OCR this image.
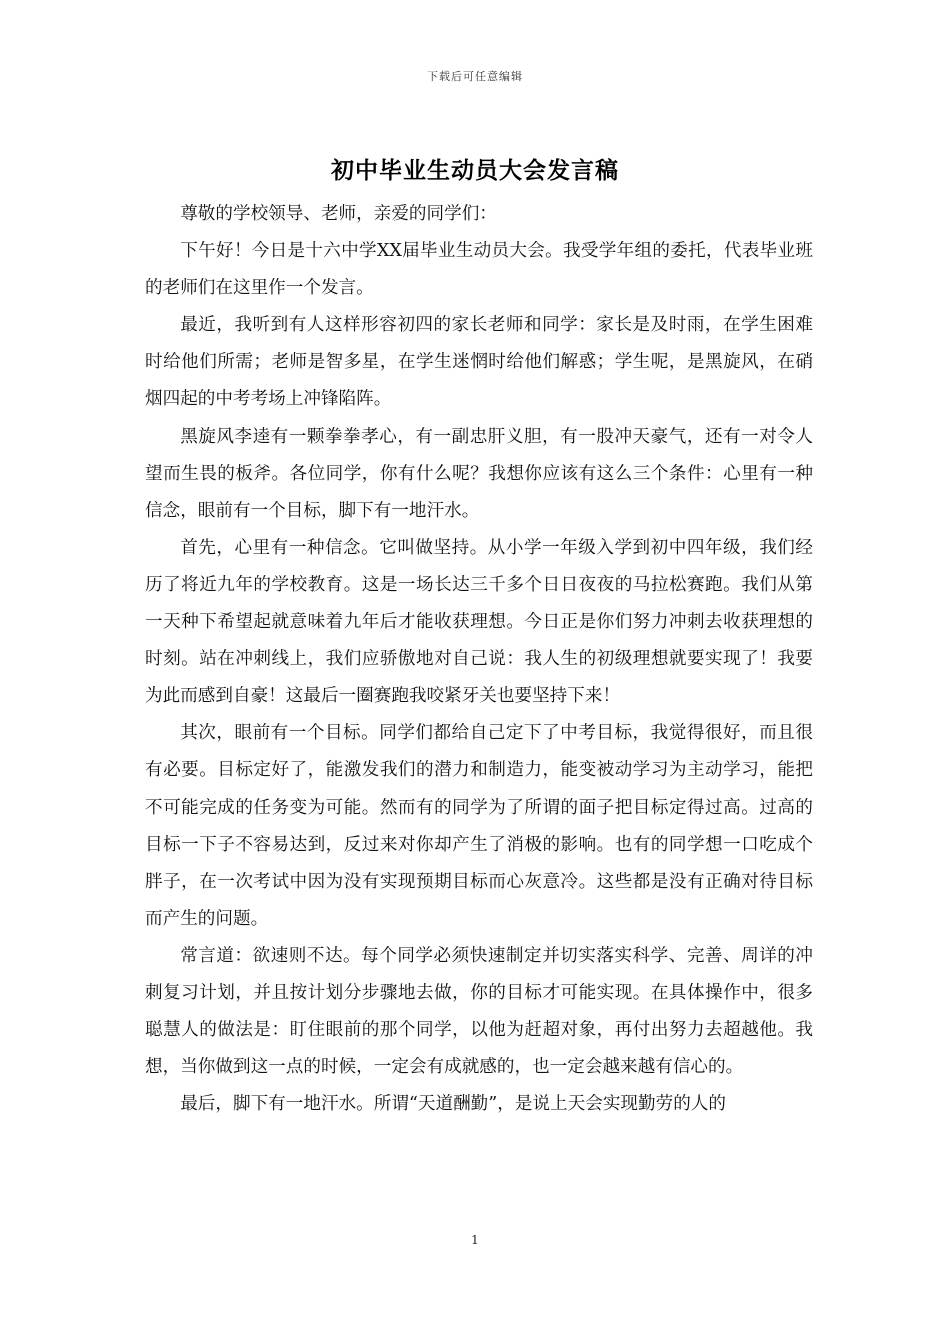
下载后可任意编辑
初中毕业生动员大会发言稿

尊敬的学校领导、老师，亲爱的同学们：

下午好！今日是十六中学XX届毕业生动员大会。我受学年组的委托，代表毕业班的老师们在这里作一个发言。

最近，我听到有人这样形容初四的家长老师和同学：家长是及时雨，在学生困难时给他们所需；老师是智多星，在学生迷惘时给他们解惑；学生呢，是黑旋风，在硝烟四起的中考考场上冲锋陷阵。

黑旋风李逵有一颗拳拳孝心，有一副忠肝义胆，有一股冲天豪气，还有一对令人望而生畏的板斧。各位同学，你有什么呢？我想你应该有这么三个条件：心里有一种信念，眼前有一个目标，脚下有一地汗水。

首先，心里有一种信念。它叫做坚持。从小学一年级入学到初中四年级，我们经历了将近九年的学校教育。这是一场长达三千多个日日夜夜的马拉松赛跑。我们从第一天种下希望起就意味着九年后才能收获理想。今日正是你们努力冲刺去收获理想的时刻。站在冲刺线上，我们应骄傲地对自己说：我人生的初级理想就要实现了！我要为此而感到自豪！这最后一圈赛跑我咬紧牙关也要坚持下来！

其次，眼前有一个目标。同学们都给自己定下了中考目标，我觉得很好，而且很有必要。目标定好了，能激发我们的潜力和制造力，能变被动学习为主动学习，能把不可能完成的任务变为可能。然而有的同学为了所谓的面子把目标定得过高。过高的目标一下子不容易达到，反过来对你却产生了消极的影响。也有的同学想一口吃成个胖子，在一次考试中因为没有实现预期目标而心灰意冷。这些都是没有正确对待目标而产生的问题。

常言道：欲速则不达。每个同学必须快速制定并切实落实科学、完善、周详的冲刺复习计划，并且按计划分步骤地去做，你的目标才可能实现。在具体操作中，很多聪慧人的做法是：盯住眼前的那个同学，以他为赶超对象，再付出努力去超越他。我想，当你做到这一点的时候，一定会有成就感的，也一定会越来越有信心的。

最后，脚下有一地汗水。所谓“天道酬勤”，是说上天会实现勤劳的人的

1
